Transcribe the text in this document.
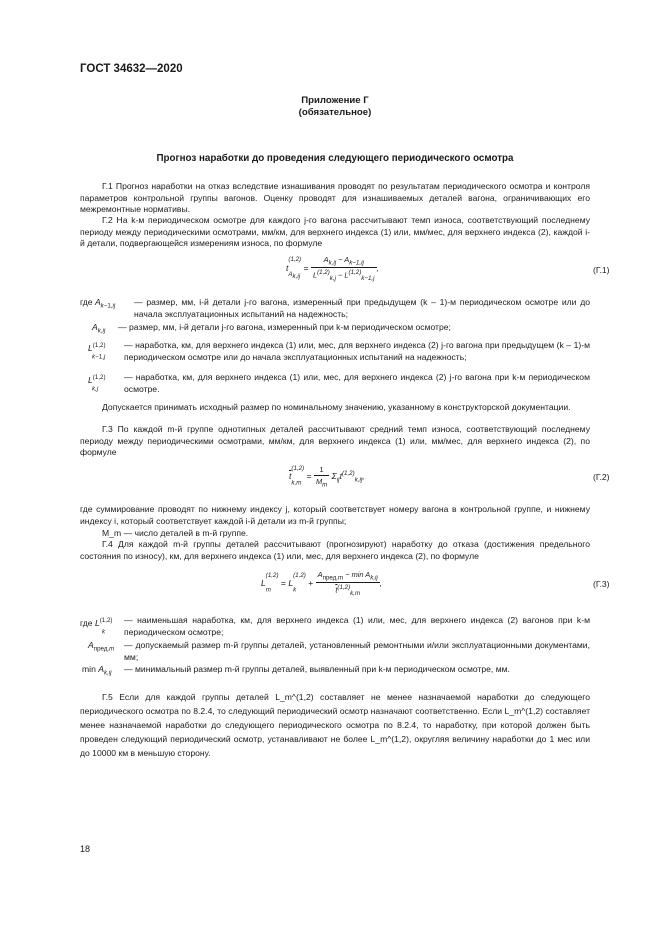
ГОСТ 34632—2020
Приложение Г
(обязательное)
Прогноз наработки до проведения следующего периодического осмотра
Г.1 Прогноз наработки на отказ вследствие изнашивания проводят по результатам периодического осмотра и контроля параметров контрольной группы вагонов. Оценку проводят для изнашиваемых деталей вагона, ограничивающих его межремонтные нормативы.
Г.2 На k-м периодическом осмотре для каждого j-го вагона рассчитывают темп износа, соответствующий последнему периоду между периодическими осмотрами, мм/км, для верхнего индекса (1) или, мм/мес, для верхнего индекса (2), каждой i-й детали, подвергающейся измерениям износа, по формуле
$t^{(1,2)}$
$_{A_{k,ij}} = \frac{A_{k,ij} - A_{k-1,ij}}{L^{(1,2)}_{k,j} - L^{(1,2)}_{k-1,j}}$ ,	(Г.1)
где $A_{k-1,ij}$ — размер, мм, i-й детали j-го вагона, измеренный при предыдущем (k – 1)-м периодическом осмотре или до начала эксплуатационных испытаний на надежность;
$A_{k,ij}$ — размер, мм, i-й детали j-го вагона, измеренный при k-м периодическом осмотре;
L$^{(1,2)}$
$_{k-1,j}$
— наработка, км, для верхнего индекса (1) или, мес, для верхнего индекса (2) j-го вагона при предыдущем (k – 1)-м периодическом осмотре или до начала эксплуатационных испытаний на надежность;
L$^{(1,2)}$
$_{k,j}$
— наработка, км, для верхнего индекса (1) или, мес, для верхнего индекса (2) j-го вагона при k-м периодическом осмотре.
Допускается принимать исходный размер по номинальному значению, указанному в конструкторской документации.
Г.3 По каждой m-й группе однотипных деталей рассчитывают средний темп износа, соответствующий последнему периоду между периодическими осмотрами, мм/км, для верхнего индекса (1) или, мм/мес, для верхнего индекса (2), по формуле
$\overline{t}^{(1,2)}$
$_{k,m} = \frac{1}{M_m} \Sigma_{ij}t^{(1,2)}_{k,ij}$,	(Г.2)
где суммирование проводят по нижнему индексу j, который соответствует номеру вагона в контрольной группе, и нижнему индексу i, который соответствует каждой i-й детали из m-й группы;
M_m — число деталей в m-й группе.
Г.4 Для каждой m-й группы деталей рассчитывают (прогнозируют) наработку до отказа (достижения предельного состояния по износу), км, для верхнего индекса (1) или, мес, для верхнего индекса (2), по формуле
L$^{(1,2)}$
$_m$ = L$^{(1,2)}$
$_k + \frac{A_{пред.m} - \min A_{k,ij}}{\overline{t}^{(1,2)}_{k,m}}$ ,	(Г.3)
где L$^{(1,2)}$
$_k$
— наименьшая наработка, км, для верхнего индекса (1) или, мес, для верхнего индекса (2) вагонов при k-м периодическом осмотре;
$A_{пред.m}$ — допускаемый размер m-й группы деталей, установленный ремонтными и/или эксплуатационными документами, мм;
$\min A_{k,ij}$ — минимальный размер m-й группы деталей, выявленный при k-м периодическом осмотре, мм.
Г.5 Если для каждой группы деталей L_m^(1,2) составляет не менее назначаемой наработки до следующего периодического осмотра по 8.2.4, то следующий периодический осмотр назначают соответственно. Если L_m^(1,2) составляет менее назначаемой наработки до следующего периодического осмотра по 8.2.4, то наработку, при которой должен быть проведен следующий периодический осмотр, устанавливают не более L_m^(1,2), округляя величину наработки до 1 мес или до 10000 км в меньшую сторону.
18
